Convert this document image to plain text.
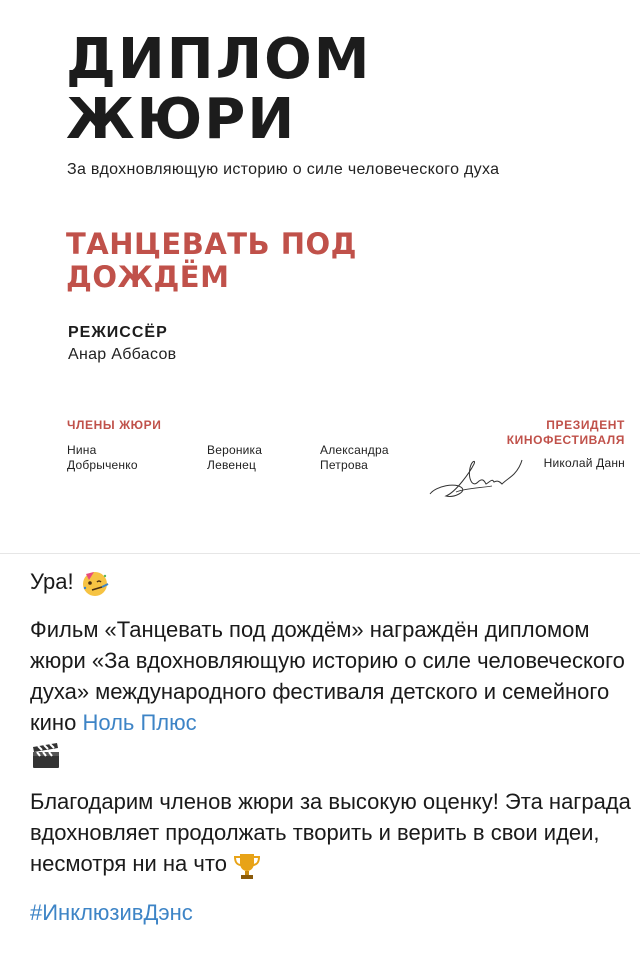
ДИПЛОМ
ЖЮРИ
За вдохновляющую историю о силе человеческого духа
ТАНЦЕВАТЬ ПОД
ДОЖДЁМ
РЕЖИССЁР
Анар Аббасов
ЧЛЕНЫ ЖЮРИ
Нина
Добрыченко
Вероника
Левенец
Александра
Петрова
ПРЕЗИДЕНТ
КИНОФЕСТИВАЛЯ
Николай Данн

Ура!

Фильм «Танцевать под дождём» награждён дипломом жюри «За вдохновляющую историю о силе человеческого духа» международного фестиваля детского и семейного кино Ноль Плюс

Благодарим членов жюри за высокую оценку! Эта награда вдохновляет продолжать творить и верить в свои идеи, несмотря ни на что

#ИнклюзивДэнс
